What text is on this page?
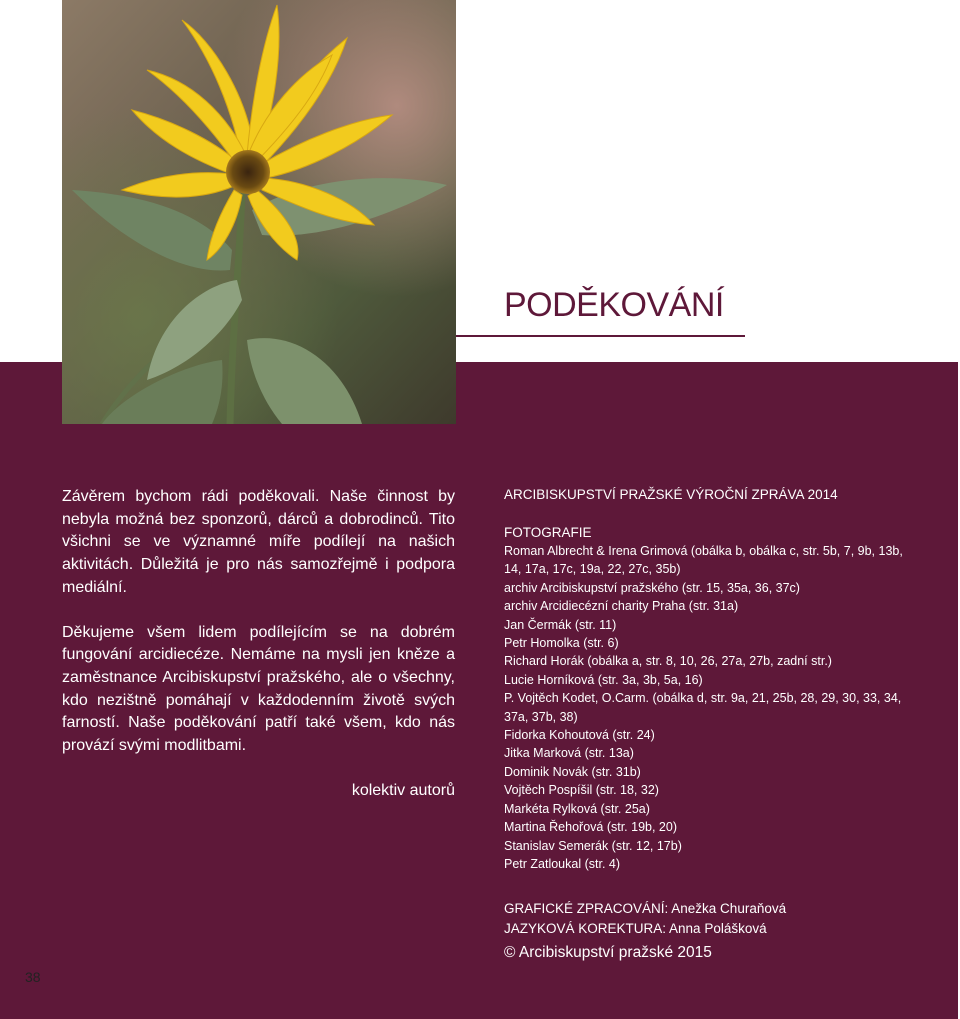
PODĚKOVÁNÍ

Závěrem bychom rádi poděkovali. Naše činnost by nebyla možná bez sponzorů, dárců a dobrodinců. Tito všichni se ve významné míře podílejí na našich aktivitách. Důležitá je pro nás samozřejmě i podpora mediální.

Děkujeme všem lidem podílejícím se na dobrém fungování arcidiecéze. Nemáme na mysli jen kněze a zaměstnance Arcibiskupství pražského, ale o všechny, kdo nezištně pomáhají v každodenním životě svých farností. Naše poděkování patří také všem, kdo nás provází svými modlitbami.

kolektiv autorů

ARCIBISKUPSTVÍ PRAŽSKÉ VÝROČNÍ ZPRÁVA 2014

FOTOGRAFIE

Roman Albrecht & Irena Grimová (obálka b, obálka c, str. 5b, 7, 9b, 13b, 14, 17a, 17c, 19a, 22, 27c, 35b)
archiv Arcibiskupství pražského (str. 15, 35a, 36, 37c)
archiv Arcidiecézní charity Praha (str. 31a)
Jan Čermák (str. 11)
Petr Homolka (str. 6)
Richard Horák (obálka a, str. 8, 10, 26, 27a, 27b, zadní str.)
Lucie Horníková (str. 3a, 3b, 5a, 16)
P. Vojtěch Kodet, O.Carm. (obálka d, str. 9a, 21, 25b, 28, 29, 30, 33, 34, 37a, 37b, 38)
Fidorka Kohoutová (str. 24)
Jitka Marková (str. 13a)
Dominik Novák (str. 31b)
Vojtěch Pospíšil (str. 18, 32)
Markéta Rylková (str. 25a)
Martina Řehořová (str. 19b, 20)
Stanislav Semerák (str. 12, 17b)
Petr Zatloukal (str. 4)
GRAFICKÉ ZPRACOVÁNÍ: Anežka Churaňová
JAZYKOVÁ KOREKTURA: Anna Polášková
© Arcibiskupství pražské 2015
38
